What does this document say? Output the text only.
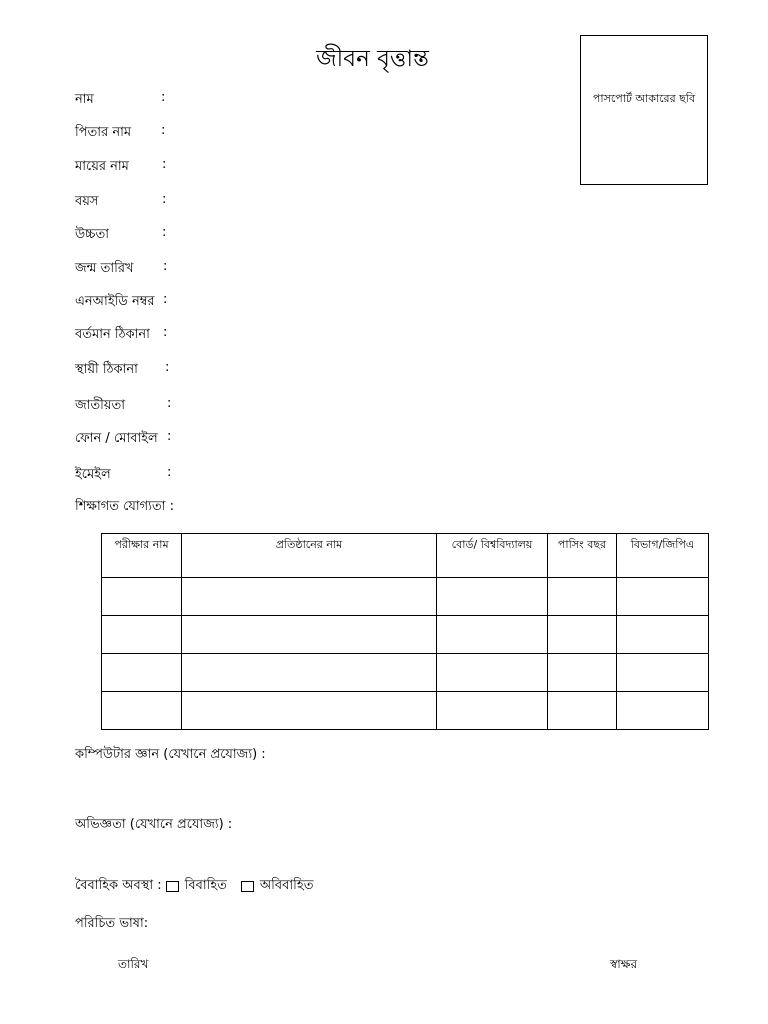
জীবন বৃত্তান্ত
পাসপোর্ট আকারের ছবি
নাম	:
পিতার নাম :
মায়ের নাম	:
বয়স	:
উচ্চতা	:
জন্ম তারিখ :
এনআইডি নম্বর :
বর্তমান ঠিকানা :
স্থায়ী ঠিকানা :
জাতীয়তা	:
ফোন / মোবাইল :
ইমেইল	:
শিক্ষাগত যোগ্যতা :
পরীক্ষার নাম	প্রতিষ্ঠানের নাম	বোর্ড/ বিশ্ববিদ্যালয়	পাসিং বছর	বিভাগ/জিপিএ

কম্পিউটার জ্ঞান (যেখানে প্রযোজ্য) :
অভিজ্ঞতা (যেখানে প্রযোজ্য) :
বৈবাহিক অবস্থা : বিবাহিত	অবিবাহিত
পরিচিত ভাষা:
তারিখ	স্বাক্ষর
